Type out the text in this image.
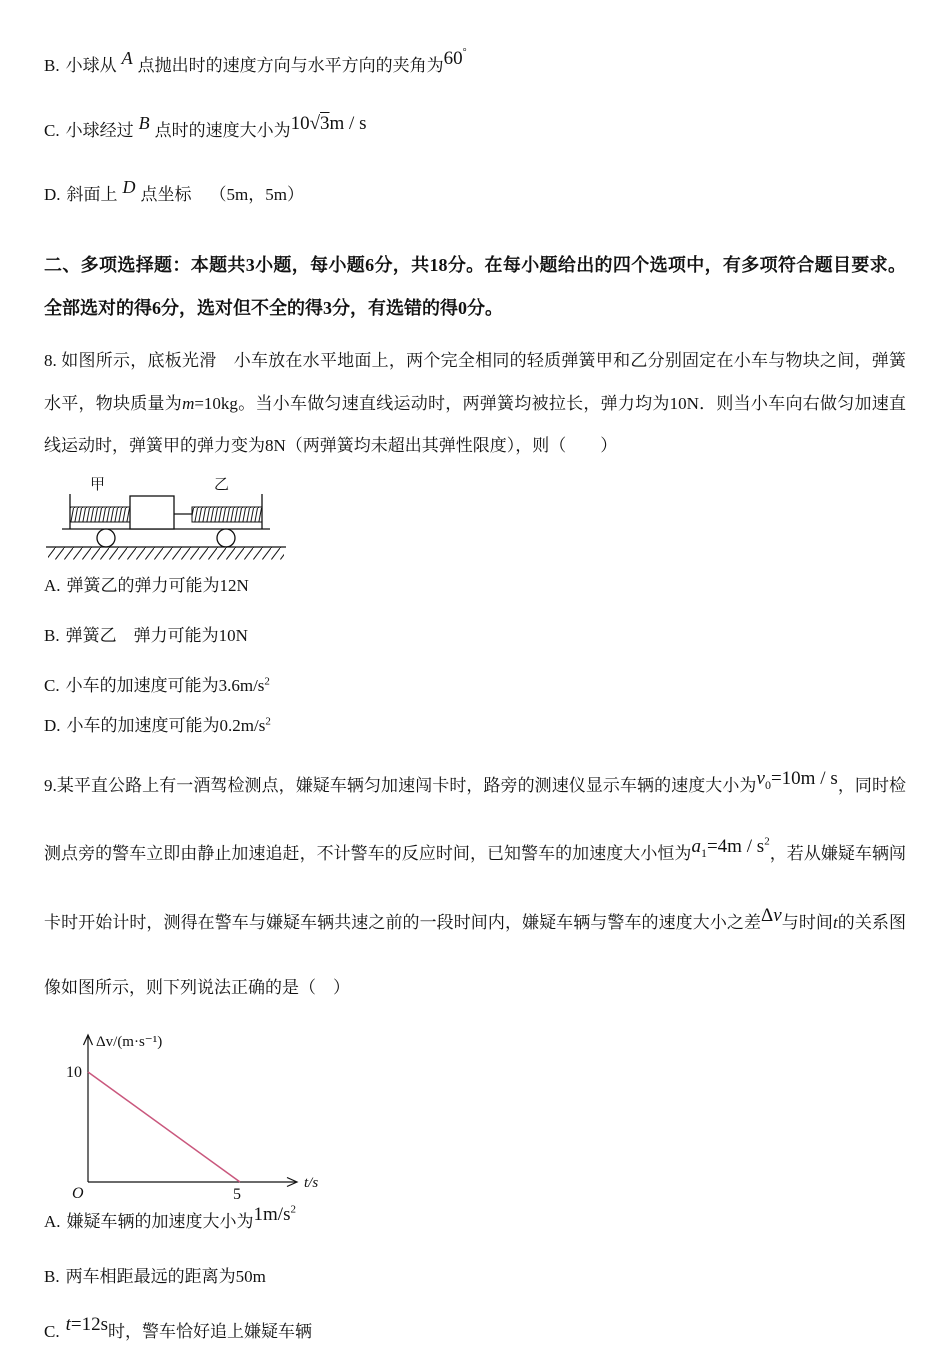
B. 小球从 A 点抛出时的速度方向与水平方向的夹角为60°

C. 小球经过 B 点时的速度大小为10√3m / s

D. 斜面上 D 点坐标 （5m，5m）

二、多项选择题：本题共3小题，每小题6分，共18分。在每小题给出的四个选项中，有多项符合题目要求。全部选对的得6分，选对但不全的得3分，有选错的得0分。

8. 如图所示，底板光滑　小车放在水平地面上，两个完全相同的轻质弹簧甲和乙分别固定在小车与物块之间，弹簧水平，物块质量为m=10kg。当小车做匀速直线运动时，两弹簧均被拉长，弹力均为10N．则当小车向右做匀加速直线运动时，弹簧甲的弹力变为8N（两弹簧均未超出其弹性限度），则（　　）

甲	乙

A. 弹簧乙的弹力可能为12N

B. 弹簧乙　弹力可能为10N

C. 小车的加速度可能为$3.6m/s^2$

D. 小车的加速度可能为$0.2m/s^2$

9.某平直公路上有一酒驾检测点，嫌疑车辆匀加速闯卡时，路旁的测速仪显示车辆的速度大小为$v_0=10m / s$，同时检测点旁的警车立即由静止加速追赶，不计警车的反应时间，已知警车的加速度大小恒为$a_1=4m / s^2$，若从嫌疑车辆闯卡时开始计时，测得在警车与嫌疑车辆共速之前的一段时间内，嫌疑车辆与警车的速度大小之差Δv与时间t的关系图像如图所示，则下列说法正确的是（　）

Δv/(m·s⁻¹)
10
5
O
t/s

A. 嫌疑车辆的加速度大小为$1m/s^2$

B. 两车相距最远的距离为50m

C. t=12s时，警车恰好追上嫌疑车辆
